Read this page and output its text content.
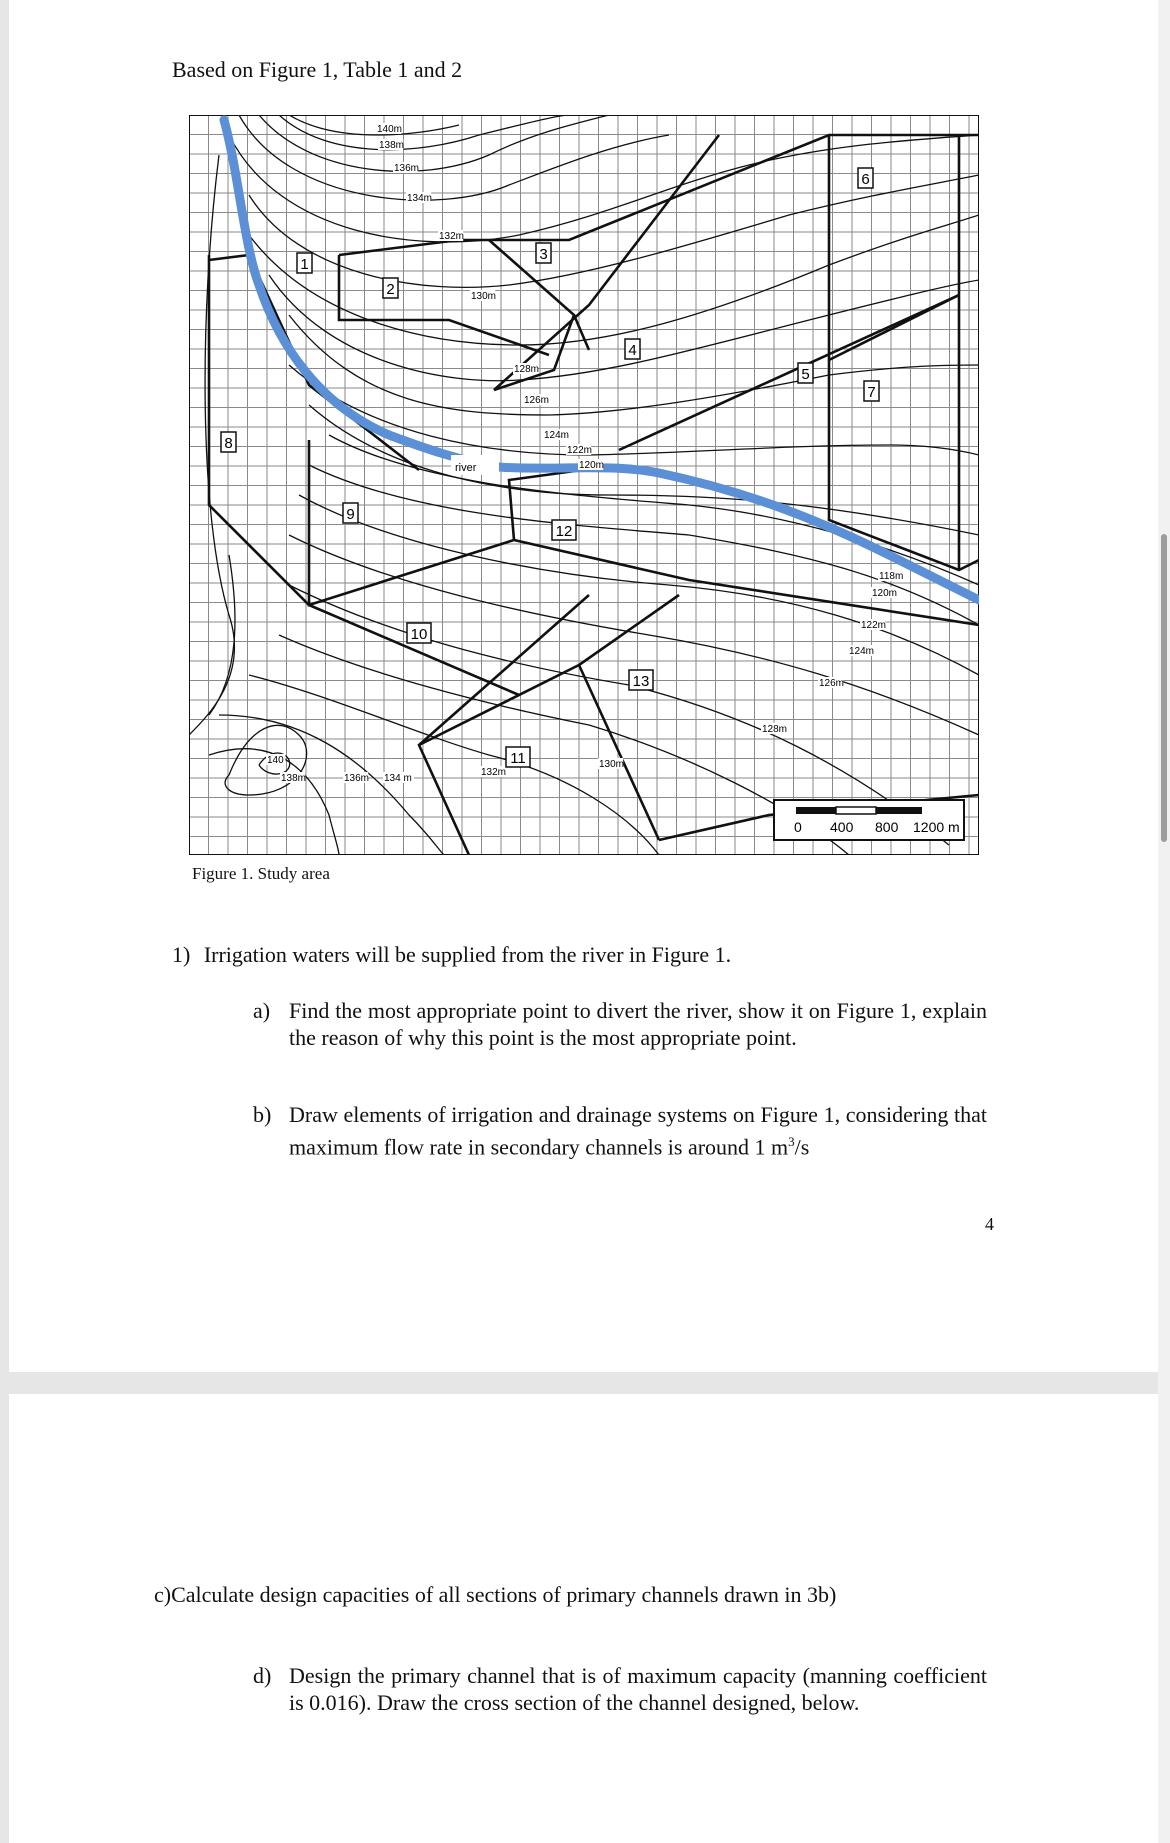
Based on Figure 1, Table 1 and 2
river
140m
138m
136m
134m
132m
130m
128m
126m
124m
122m
120m
118m
120m
122m
124m
126m
128m
130m
132m
134 m
136m
138m
140
1
2
3
4
5
6
7
8
9
10
11
12
13
0 400 800 1200 m
Figure 1. Study area
1) Irrigation waters will be supplied from the river in Figure 1.
a) Find the most appropriate point to divert the river, show it on Figure 1, explain the reason of why this point is the most appropriate point.
b) Draw elements of irrigation and drainage systems on Figure 1, considering that maximum flow rate in secondary channels is around 1 $m^3/s$
4
c)Calculate design capacities of all sections of primary channels drawn in 3b)
d) Design the primary channel that is of maximum capacity (manning coefficient is 0.016). Draw the cross section of the channel designed, below.
